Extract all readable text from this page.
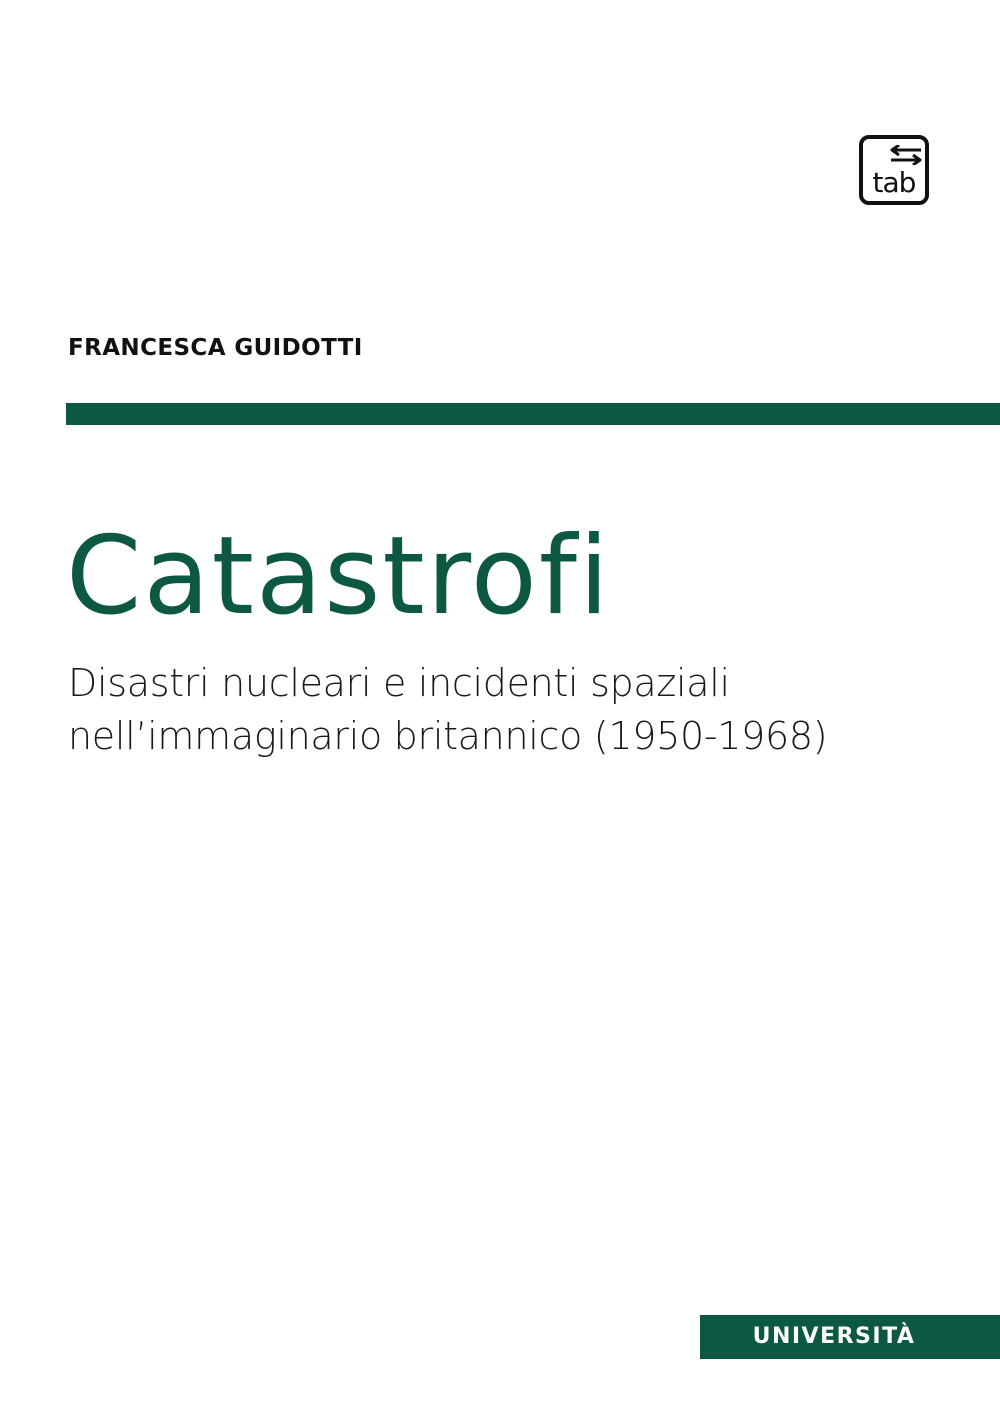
tab
FRANCESCA GUIDOTTI
Catastrofi
Disastri nucleari e incidenti spaziali
nell’immaginario britannico (1950-1968)
UNIVERSITÀ
